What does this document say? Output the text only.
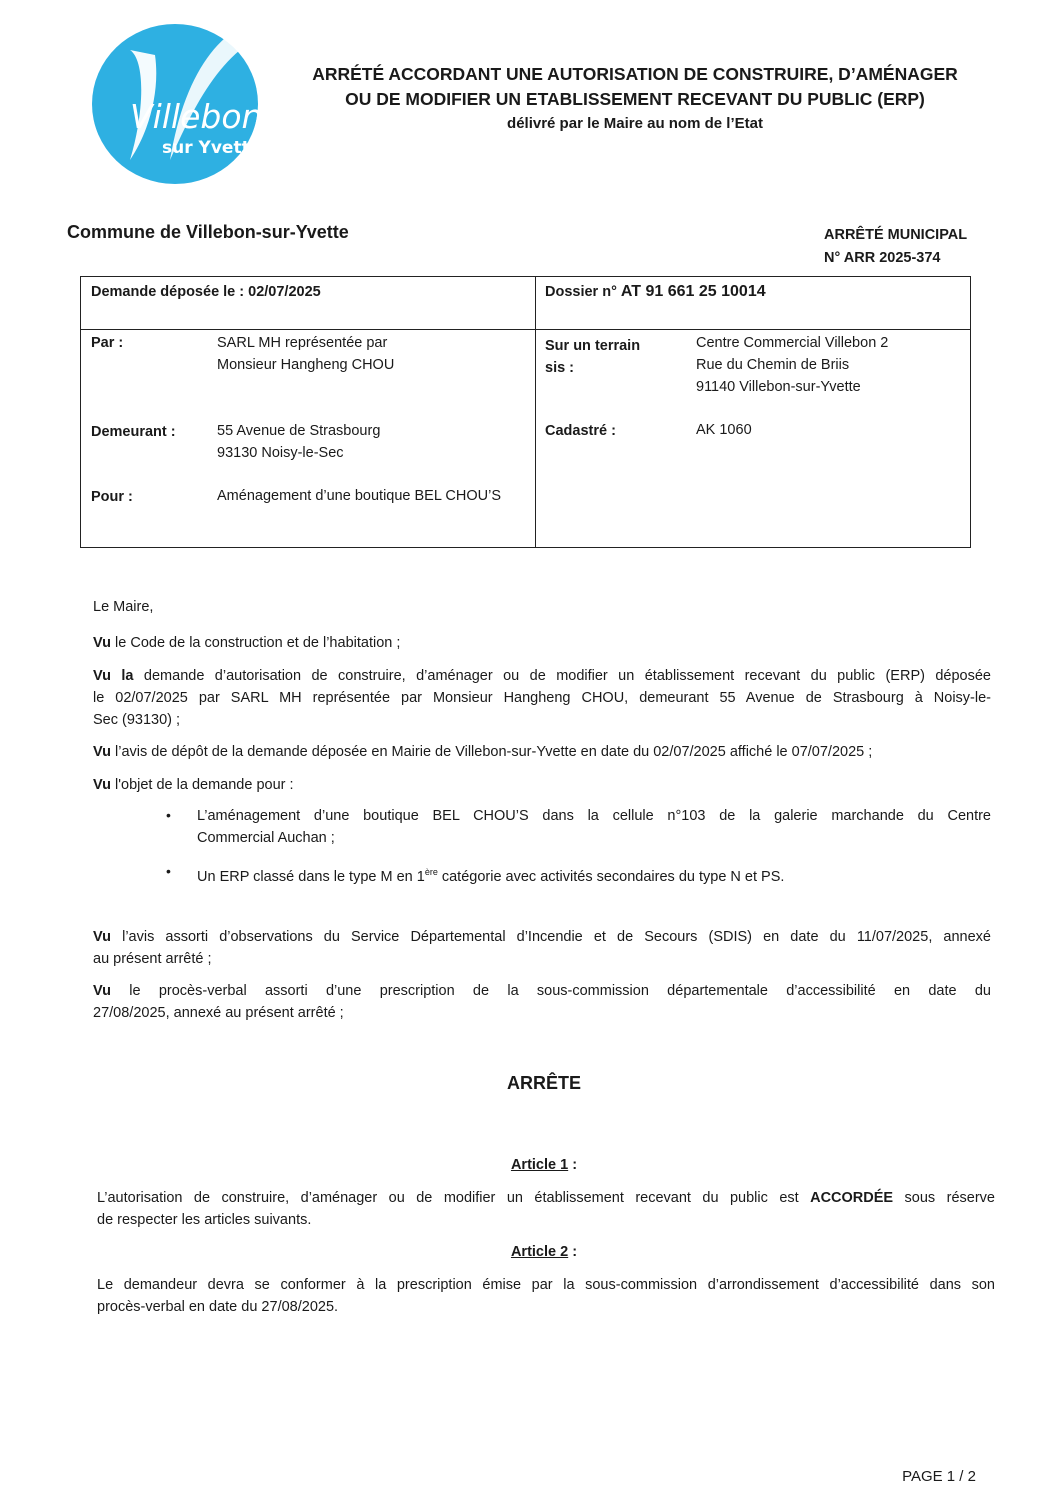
Villebon
sur Yvette
ARRÉTÉ ACCORDANT UNE AUTORISATION DE CONSTRUIRE, D’AMÉNAGER
OU DE MODIFIER UN ETABLISSEMENT RECEVANT DU PUBLIC (ERP)
délivré par le Maire au nom de l’Etat
Commune de Villebon-sur-Yvette	ARRÊTÉ MUNICIPAL
N° ARR 2025-374
Demande déposée le : 02/07/2025	Dossier n° AT 91 661 25 10014
Par :	SARL MH représentée par
Monsieur Hangheng CHOU
Demeurant :	55 Avenue de Strasbourg
93130 Noisy-le-Sec
Pour :	Aménagement d’une boutique BEL CHOU’S
Sur un terrain
sis :
Centre Commercial Villebon 2
Rue du Chemin de Briis
91140 Villebon-sur-Yvette
Cadastré :	AK 1060
Le Maire,
Vu le Code de la construction et de l’habitation ;
Vu la demande d’autorisation de construire, d’aménager ou de modifier un établissement recevant du public (ERP) déposée
le 02/07/2025 par SARL MH représentée par Monsieur Hangheng CHOU, demeurant 55 Avenue de Strasbourg à Noisy-le-
Sec (93130) ;
Vu l’avis de dépôt de la demande déposée en Mairie de Villebon-sur-Yvette en date du 02/07/2025 affiché le 07/07/2025 ;
Vu l'objet de la demande pour :
• L’aménagement d’une boutique BEL CHOU’S dans la cellule n°103 de la galerie marchande du Centre
Commercial Auchan ;
• Un ERP classé dans le type M en 1ère catégorie avec activités secondaires du type N et PS.
Vu l’avis assorti d’observations du Service Départemental d’Incendie et de Secours (SDIS) en date du 11/07/2025, annexé
au présent arrêté ;
Vu le procès-verbal assorti d’une prescription de la sous-commission départementale d’accessibilité en date du
27/08/2025, annexé au présent arrêté ;
ARRÊTE
Article 1 :
L’autorisation de construire, d’aménager ou de modifier un établissement recevant du public est ACCORDÉE sous réserve
de respecter les articles suivants.
Article 2 :
Le demandeur devra se conformer à la prescription émise par la sous-commission d’arrondissement d’accessibilité dans son
procès-verbal en date du 27/08/2025.
PAGE 1 / 2
